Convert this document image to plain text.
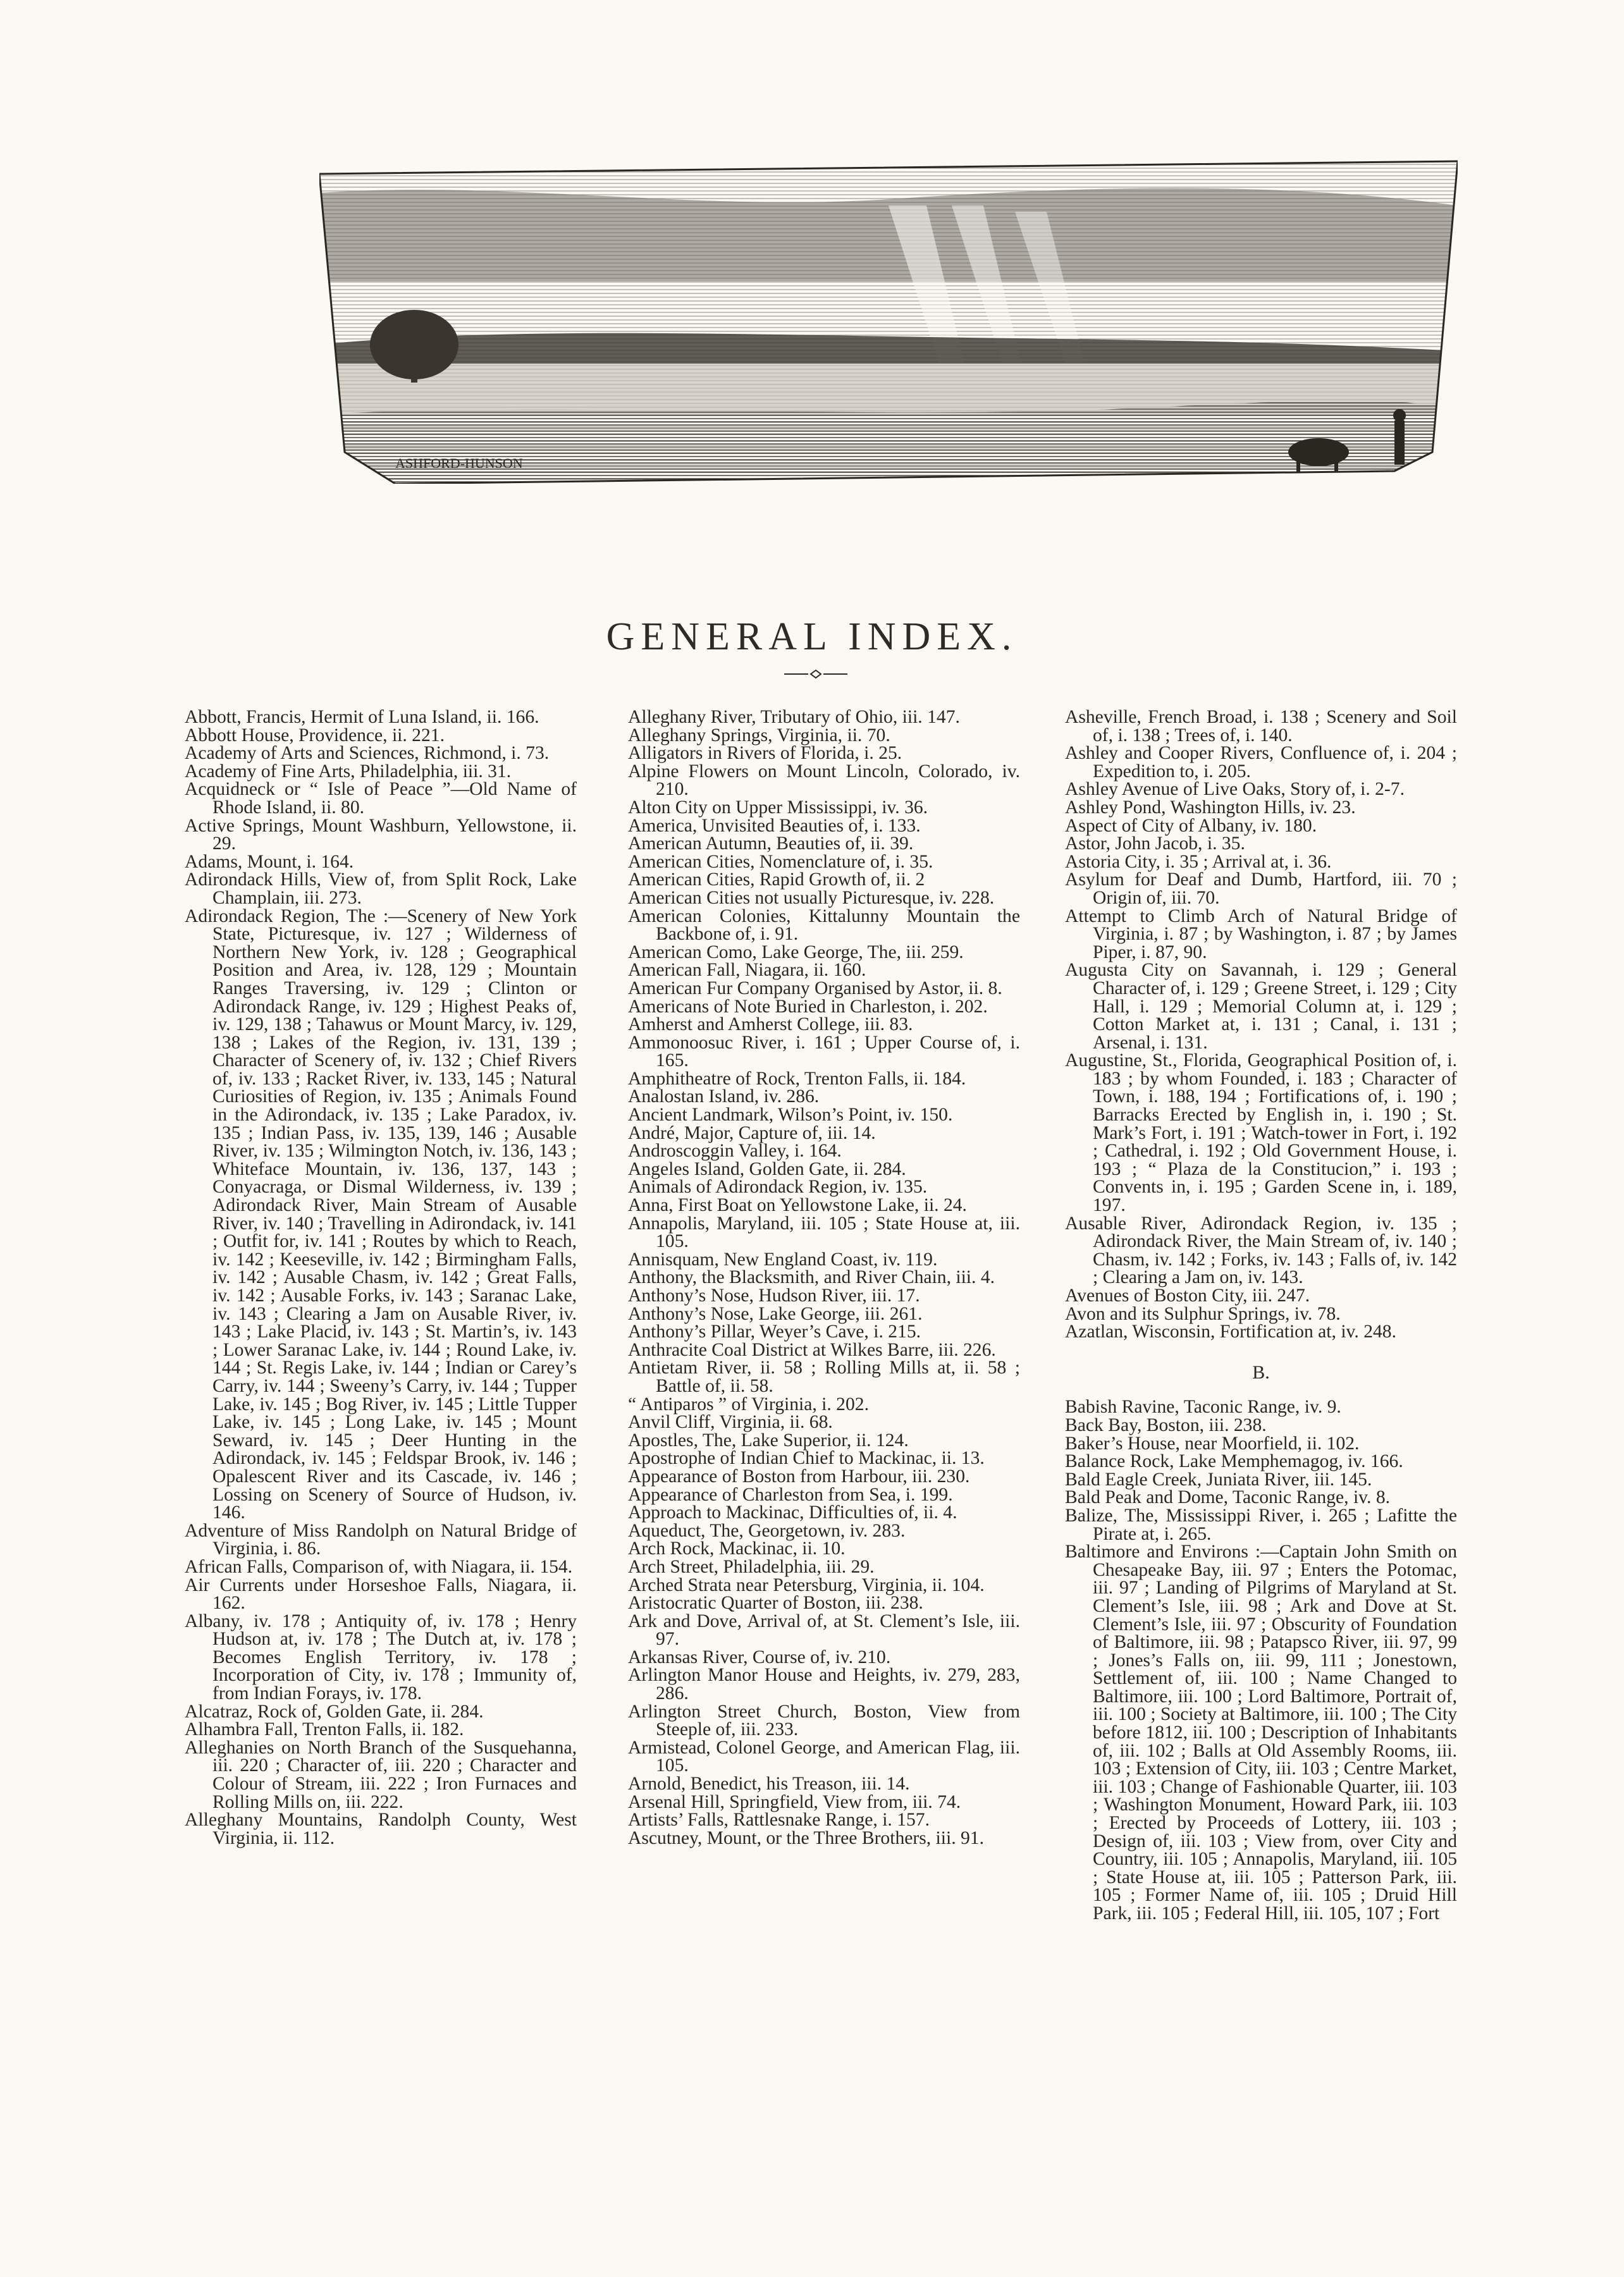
ASHFORD-HUNSON
GENERAL INDEX.

Abbott, Francis, Hermit of Luna Island, ii. 166.

Abbott House, Providence, ii. 221.

Academy of Arts and Sciences, Richmond, i. 73.

Academy of Fine Arts, Philadelphia, iii. 31.

Acquidneck or “ Isle of Peace ”—Old Name of Rhode Island, ii. 80.

Active Springs, Mount Washburn, Yellowstone, ii. 29.

Adams, Mount, i. 164.

Adirondack Hills, View of, from Split Rock, Lake Champlain, iii. 273.

Adirondack Region, The :—Scenery of New York State, Picturesque, iv. 127 ; Wilderness of Northern New York, iv. 128 ; Geographical Position and Area, iv. 128, 129 ; Mountain Ranges Traversing, iv. 129 ; Clinton or Adirondack Range, iv. 129 ; Highest Peaks of, iv. 129, 138 ; Tahawus or Mount Marcy, iv. 129, 138 ; Lakes of the Region, iv. 131, 139 ; Character of Scenery of, iv. 132 ; Chief Rivers of, iv. 133 ; Racket River, iv. 133, 145 ; Natural Curiosities of Region, iv. 135 ; Animals Found in the Adirondack, iv. 135 ; Lake Paradox, iv. 135 ; Indian Pass, iv. 135, 139, 146 ; Ausable River, iv. 135 ; Wilmington Notch, iv. 136, 143 ; Whiteface Mountain, iv. 136, 137, 143 ; Conyacraga, or Dismal Wilderness, iv. 139 ; Adirondack River, Main Stream of Ausable River, iv. 140 ; Travelling in Adirondack, iv. 141 ; Outfit for, iv. 141 ; Routes by which to Reach, iv. 142 ; Keeseville, iv. 142 ; Birmingham Falls, iv. 142 ; Ausable Chasm, iv. 142 ; Great Falls, iv. 142 ; Ausable Forks, iv. 143 ; Saranac Lake, iv. 143 ; Clearing a Jam on Ausable River, iv. 143 ; Lake Placid, iv. 143 ; St. Martin’s, iv. 143 ; Lower Saranac Lake, iv. 144 ; Round Lake, iv. 144 ; St. Regis Lake, iv. 144 ; Indian or Carey’s Carry, iv. 144 ; Sweeny’s Carry, iv. 144 ; Tupper Lake, iv. 145 ; Bog River, iv. 145 ; Little Tupper Lake, iv. 145 ; Long Lake, iv. 145 ; Mount Seward, iv. 145 ; Deer Hunting in the Adirondack, iv. 145 ; Feldspar Brook, iv. 146 ; Opalescent River and its Cascade, iv. 146 ; Lossing on Scenery of Source of Hudson, iv. 146.

Adventure of Miss Randolph on Natural Bridge of Virginia, i. 86.

African Falls, Comparison of, with Niagara, ii. 154.

Air Currents under Horseshoe Falls, Niagara, ii. 162.

Albany, iv. 178 ; Antiquity of, iv. 178 ; Henry Hudson at, iv. 178 ; The Dutch at, iv. 178 ; Becomes English Territory, iv. 178 ; Incorporation of City, iv. 178 ; Immunity of, from Indian Forays, iv. 178.

Alcatraz, Rock of, Golden Gate, ii. 284.

Alhambra Fall, Trenton Falls, ii. 182.

Alleghanies on North Branch of the Susquehanna, iii. 220 ; Character of, iii. 220 ; Character and Colour of Stream, iii. 222 ; Iron Furnaces and Rolling Mills on, iii. 222.

Alleghany Mountains, Randolph County, West Virginia, ii. 112.

Alleghany River, Tributary of Ohio, iii. 147.

Alleghany Springs, Virginia, ii. 70.

Alligators in Rivers of Florida, i. 25.

Alpine Flowers on Mount Lincoln, Colorado, iv. 210.

Alton City on Upper Mississippi, iv. 36.

America, Unvisited Beauties of, i. 133.

American Autumn, Beauties of, ii. 39.

American Cities, Nomenclature of, i. 35.

American Cities, Rapid Growth of, ii. 2

American Cities not usually Picturesque, iv. 228.

American Colonies, Kittalunny Mountain the Backbone of, i. 91.

American Como, Lake George, The, iii. 259.

American Fall, Niagara, ii. 160.

American Fur Company Organised by Astor, ii. 8.

Americans of Note Buried in Charleston, i. 202.

Amherst and Amherst College, iii. 83.

Ammonoosuc River, i. 161 ; Upper Course of, i. 165.

Amphitheatre of Rock, Trenton Falls, ii. 184.

Analostan Island, iv. 286.

Ancient Landmark, Wilson’s Point, iv. 150.

André, Major, Capture of, iii. 14.

Androscoggin Valley, i. 164.

Angeles Island, Golden Gate, ii. 284.

Animals of Adirondack Region, iv. 135.

Anna, First Boat on Yellowstone Lake, ii. 24.

Annapolis, Maryland, iii. 105 ; State House at, iii. 105.

Annisquam, New England Coast, iv. 119.

Anthony, the Blacksmith, and River Chain, iii. 4.

Anthony’s Nose, Hudson River, iii. 17.

Anthony’s Nose, Lake George, iii. 261.

Anthony’s Pillar, Weyer’s Cave, i. 215.

Anthracite Coal District at Wilkes Barre, iii. 226.

Antietam River, ii. 58 ; Rolling Mills at, ii. 58 ; Battle of, ii. 58.

“ Antiparos ” of Virginia, i. 202.

Anvil Cliff, Virginia, ii. 68.

Apostles, The, Lake Superior, ii. 124.

Apostrophe of Indian Chief to Mackinac, ii. 13.

Appearance of Boston from Harbour, iii. 230.

Appearance of Charleston from Sea, i. 199.

Approach to Mackinac, Difficulties of, ii. 4.

Aqueduct, The, Georgetown, iv. 283.

Arch Rock, Mackinac, ii. 10.

Arch Street, Philadelphia, iii. 29.

Arched Strata near Petersburg, Virginia, ii. 104.

Aristocratic Quarter of Boston, iii. 238.

Ark and Dove, Arrival of, at St. Clement’s Isle, iii. 97.

Arkansas River, Course of, iv. 210.

Arlington Manor House and Heights, iv. 279, 283, 286.

Arlington Street Church, Boston, View from Steeple of, iii. 233.

Armistead, Colonel George, and American Flag, iii. 105.

Arnold, Benedict, his Treason, iii. 14.

Arsenal Hill, Springfield, View from, iii. 74.

Artists’ Falls, Rattlesnake Range, i. 157.

Ascutney, Mount, or the Three Brothers, iii. 91.

Asheville, French Broad, i. 138 ; Scenery and Soil of, i. 138 ; Trees of, i. 140.

Ashley and Cooper Rivers, Confluence of, i. 204 ; Expedition to, i. 205.

Ashley Avenue of Live Oaks, Story of, i. 2-7.

Ashley Pond, Washington Hills, iv. 23.

Aspect of City of Albany, iv. 180.

Astor, John Jacob, i. 35.

Astoria City, i. 35 ; Arrival at, i. 36.

Asylum for Deaf and Dumb, Hartford, iii. 70 ; Origin of, iii. 70.

Attempt to Climb Arch of Natural Bridge of Virginia, i. 87 ; by Washington, i. 87 ; by James Piper, i. 87, 90.

Augusta City on Savannah, i. 129 ; General Character of, i. 129 ; Greene Street, i. 129 ; City Hall, i. 129 ; Memorial Column at, i. 129 ; Cotton Market at, i. 131 ; Canal, i. 131 ; Arsenal, i. 131.

Augustine, St., Florida, Geographical Position of, i. 183 ; by whom Founded, i. 183 ; Character of Town, i. 188, 194 ; Fortifications of, i. 190 ; Barracks Erected by English in, i. 190 ; St. Mark’s Fort, i. 191 ; Watch-tower in Fort, i. 192 ; Cathedral, i. 192 ; Old Government House, i. 193 ; “ Plaza de la Constitucion,” i. 193 ; Convents in, i. 195 ; Garden Scene in, i. 189, 197.

Ausable River, Adirondack Region, iv. 135 ; Adirondack River, the Main Stream of, iv. 140 ; Chasm, iv. 142 ; Forks, iv. 143 ; Falls of, iv. 142 ; Clearing a Jam on, iv. 143.

Avenues of Boston City, iii. 247.

Avon and its Sulphur Springs, iv. 78.

Azatlan, Wisconsin, Fortification at, iv. 248.

B.

Babish Ravine, Taconic Range, iv. 9.

Back Bay, Boston, iii. 238.

Baker’s House, near Moorfield, ii. 102.

Balance Rock, Lake Memphemagog, iv. 166.

Bald Eagle Creek, Juniata River, iii. 145.

Bald Peak and Dome, Taconic Range, iv. 8.

Balize, The, Mississippi River, i. 265 ; Lafitte the Pirate at, i. 265.

Baltimore and Environs :—Captain John Smith on Chesapeake Bay, iii. 97 ; Enters the Potomac, iii. 97 ; Landing of Pilgrims of Maryland at St. Clement’s Isle, iii. 98 ; Ark and Dove at St. Clement’s Isle, iii. 97 ; Obscurity of Foundation of Baltimore, iii. 98 ; Patapsco River, iii. 97, 99 ; Jones’s Falls on, iii. 99, 111 ; Jonestown, Settlement of, iii. 100 ; Name Changed to Baltimore, iii. 100 ; Lord Baltimore, Portrait of, iii. 100 ; Society at Baltimore, iii. 100 ; The City before 1812, iii. 100 ; Description of Inhabitants of, iii. 102 ; Balls at Old Assembly Rooms, iii. 103 ; Extension of City, iii. 103 ; Centre Market, iii. 103 ; Change of Fashionable Quarter, iii. 103 ; Washington Monument, Howard Park, iii. 103 ; Erected by Proceeds of Lottery, iii. 103 ; Design of, iii. 103 ; View from, over City and Country, iii. 105 ; Annapolis, Maryland, iii. 105 ; State House at, iii. 105 ; Patterson Park, iii. 105 ; Former Name of, iii. 105 ; Druid Hill Park, iii. 105 ; Federal Hill, iii. 105, 107 ; Fort
